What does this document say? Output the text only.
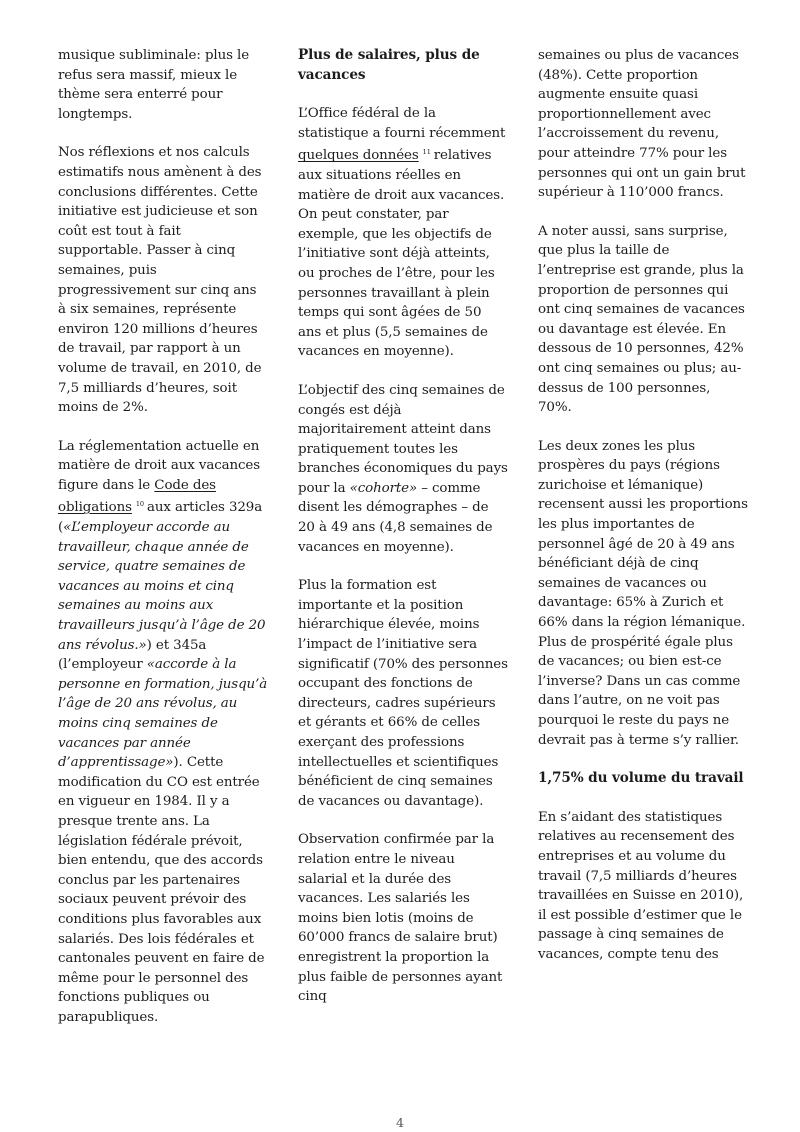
musique subliminale: plus le refus sera massif, mieux le thème sera enterré pour longtemps.

Nos réflexions et nos calculs estimatifs nous amènent à des conclusions différentes. Cette initiative est judicieuse et son coût est tout à fait supportable. Passer à cinq semaines, puis progressivement sur cinq ans à six semaines, représente environ 120 millions d’heures de travail, par rapport à un volume de travail, en 2010, de 7,5 milliards d’heures, soit moins de 2%.

La réglementation actuelle en matière de droit aux vacances figure dans le Code des obligations $^{10}$ aux articles 329a («L’employeur accorde au travailleur, chaque année de service, quatre semaines de vacances au moins et cinq semaines au moins aux travailleurs jusqu’à l’âge de 20 ans révolus.») et 345a (l’employeur «accorde à la personne en formation, jusqu’à l’âge de 20 ans révolus, au moins cinq semaines de vacances par année d’apprentissage»). Cette modification du CO est entrée en vigueur en 1984. Il y a presque trente ans. La législation fédérale prévoit, bien entendu, que des accords conclus par les partenaires sociaux peuvent prévoir des conditions plus favorables aux salariés. Des lois fédérales et cantonales peuvent en faire de même pour le personnel des fonctions publiques ou parapubliques.

Plus de salaires, plus de vacances

L’Office fédéral de la statistique a fourni récemment quelques données $^{11}$ relatives aux situations réelles en matière de droit aux vacances. On peut constater, par exemple, que les objectifs de l’initiative sont déjà atteints, ou proches de l’être, pour les personnes travaillant à plein temps qui sont âgées de 50 ans et plus (5,5 semaines de vacances en moyenne).

L’objectif des cinq semaines de congés est déjà majoritairement atteint dans pratiquement toutes les branches économiques du pays pour la «cohorte» – comme disent les démographes – de 20 à 49 ans (4,8 semaines de vacances en moyenne).

Plus la formation est importante et la position hiérarchique élevée, moins l’impact de l’initiative sera significatif (70% des personnes occupant des fonctions de directeurs, cadres supérieurs et gérants et 66% de celles exerçant des professions intellectuelles et scientifiques bénéficient de cinq semaines de vacances ou davantage).

Observation confirmée par la relation entre le niveau salarial et la durée des vacances. Les salariés les moins bien lotis (moins de 60’000 francs de salaire brut) enregistrent la proportion la plus faible de personnes ayant cinq

semaines ou plus de vacances (48%). Cette proportion augmente ensuite quasi proportionnellement avec l’accroissement du revenu, pour atteindre 77% pour les personnes qui ont un gain brut supérieur à 110’000 francs.

A noter aussi, sans surprise, que plus la taille de l’entreprise est grande, plus la proportion de personnes qui ont cinq semaines de vacances ou davantage est élevée. En dessous de 10 personnes, 42% ont cinq semaines ou plus; au-dessus de 100 personnes, 70%.

Les deux zones les plus prospères du pays (régions zurichoise et lémanique) recensent aussi les proportions les plus importantes de personnel âgé de 20 à 49 ans bénéficiant déjà de cinq semaines de vacances ou davantage: 65% à Zurich et 66% dans la région lémanique. Plus de prospérité égale plus de vacances; ou bien est-ce l’inverse? Dans un cas comme dans l’autre, on ne voit pas pourquoi le reste du pays ne devrait pas à terme s’y rallier.

1,75% du volume du travail

En s’aidant des statistiques relatives au recensement des entreprises et au volume du travail (7,5 milliards d’heures travaillées en Suisse en 2010), il est possible d’estimer que le passage à cinq semaines de vacances, compte tenu des

4
